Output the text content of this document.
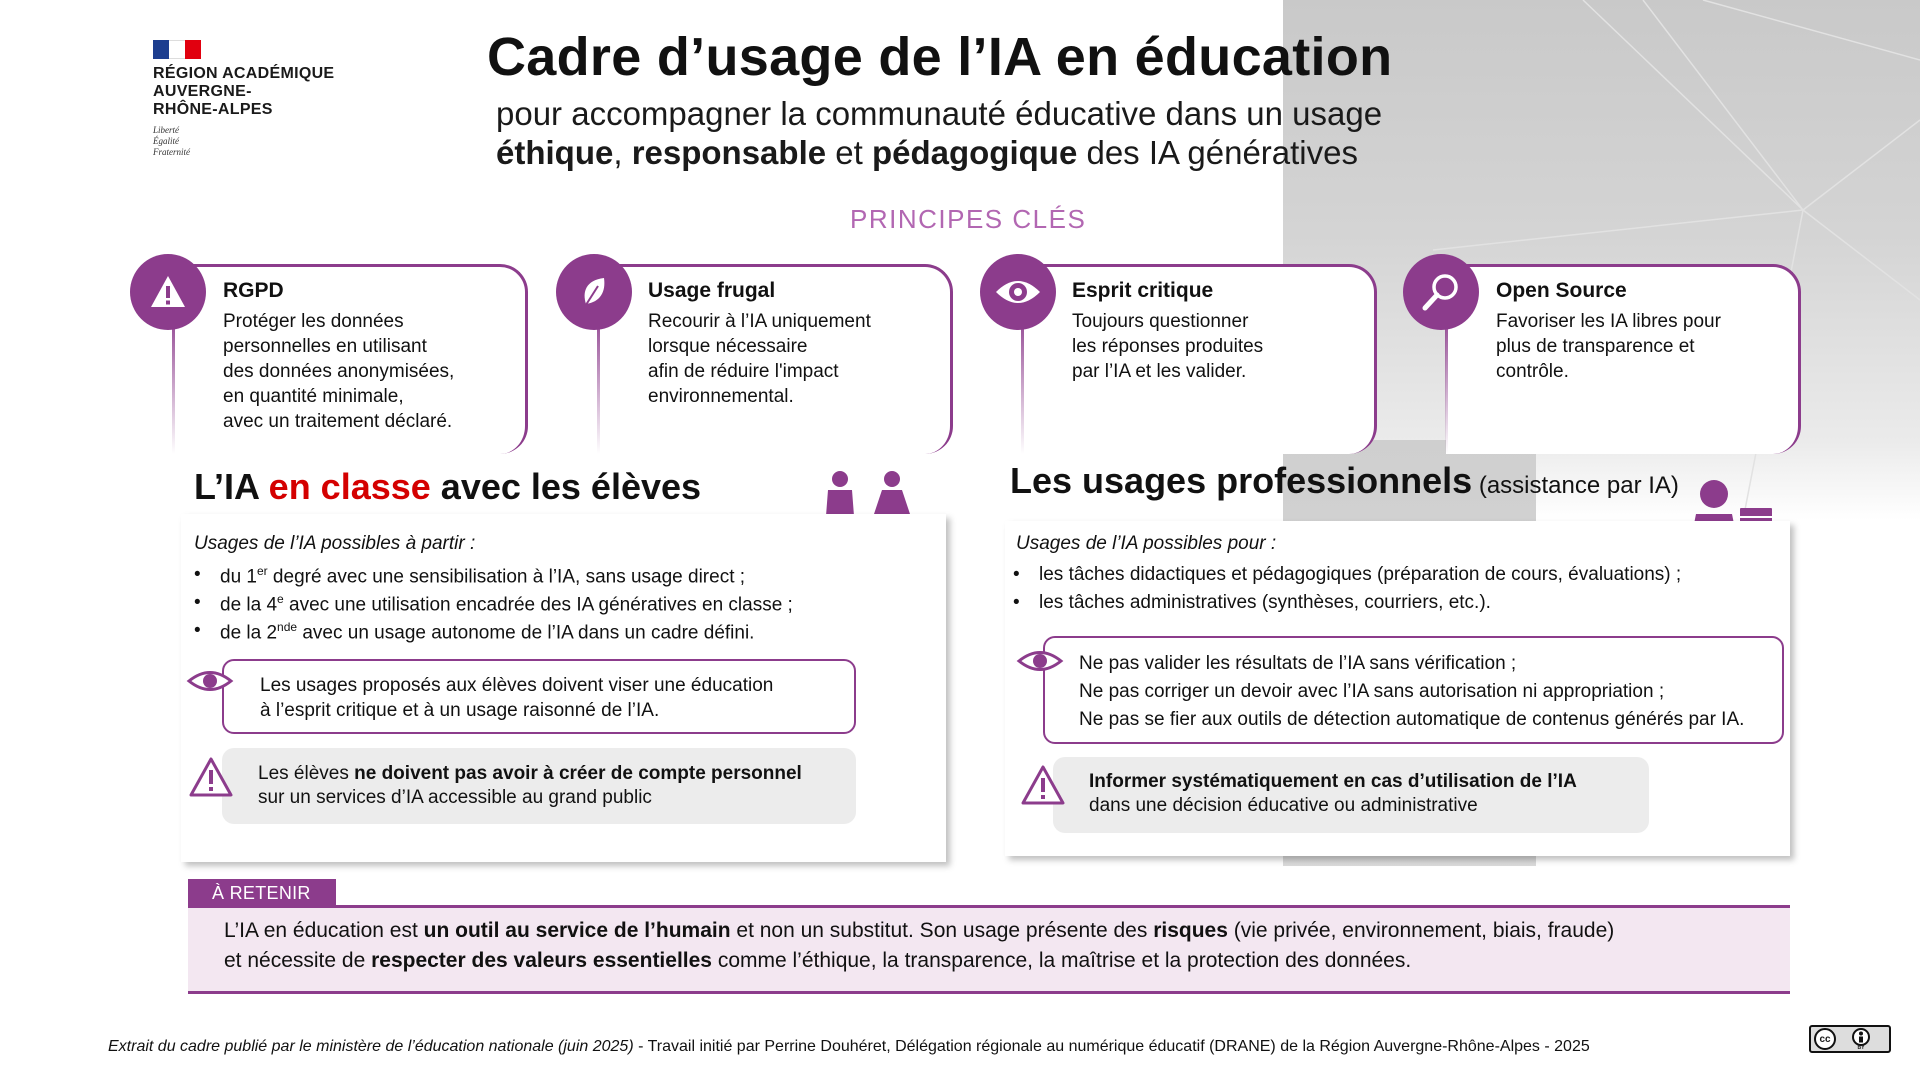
RÉGION ACADÉMIQUE
AUVERGNE-
RHÔNE-ALPES
Liberté
Égalité
Fraternité
Cadre d’usage de l’IA en éducation
pour accompagner la communauté éducative dans un usage
éthique, responsable et pédagogique des IA génératives
PRINCIPES CLÉS
RGPD
Protéger les données
personnelles en utilisant
des données anonymisées,
en quantité minimale,
avec un traitement déclaré.
Usage frugal
Recourir à l’IA uniquement
lorsque nécessaire
afin de réduire l'impact
environnemental.
Esprit critique
Toujours questionner
les réponses produites
par l’IA et les valider.
Open Source
Favoriser les IA libres pour
plus de transparence et
contrôle.
L’IA en classe avec les élèves
Usages de l’IA possibles à partir :
• du 1er degré avec une sensibilisation à l’IA, sans usage direct ;
• de la 4e avec une utilisation encadrée des IA génératives en classe ;
• de la 2nde avec un usage autonome de l’IA dans un cadre défini.
Les usages proposés aux élèves doivent viser une éducation
à l’esprit critique et à un usage raisonné de l’IA.
Les élèves ne doivent pas avoir à créer de compte personnel
sur un services d’IA accessible au grand public
Les usages professionnels (assistance par IA)
Usages de l’IA possibles pour :
• les tâches didactiques et pédagogiques (préparation de cours, évaluations) ;
• les tâches administratives (synthèses, courriers, etc.).
Ne pas valider les résultats de l’IA sans vérification ;
Ne pas corriger un devoir avec l’IA sans autorisation ni appropriation ;
Ne pas se fier aux outils de détection automatique de contenus générés par IA.
Informer systématiquement en cas d’utilisation de l’IA
dans une décision éducative ou administrative
À RETENIR
L’IA en éducation est un outil au service de l’humain et non un substitut. Son usage présente des risques (vie privée, environnement, biais, fraude)
et nécessite de respecter des valeurs essentielles comme l’éthique, la transparence, la maîtrise et la protection des données.
Extrait du cadre publié par le ministère de l’éducation nationale (juin 2025) - Travail initié par Perrine Douhéret, Délégation régionale au numérique éducatif (DRANE) de la Région Auvergne-Rhône-Alpes - 2025	cc
BY
